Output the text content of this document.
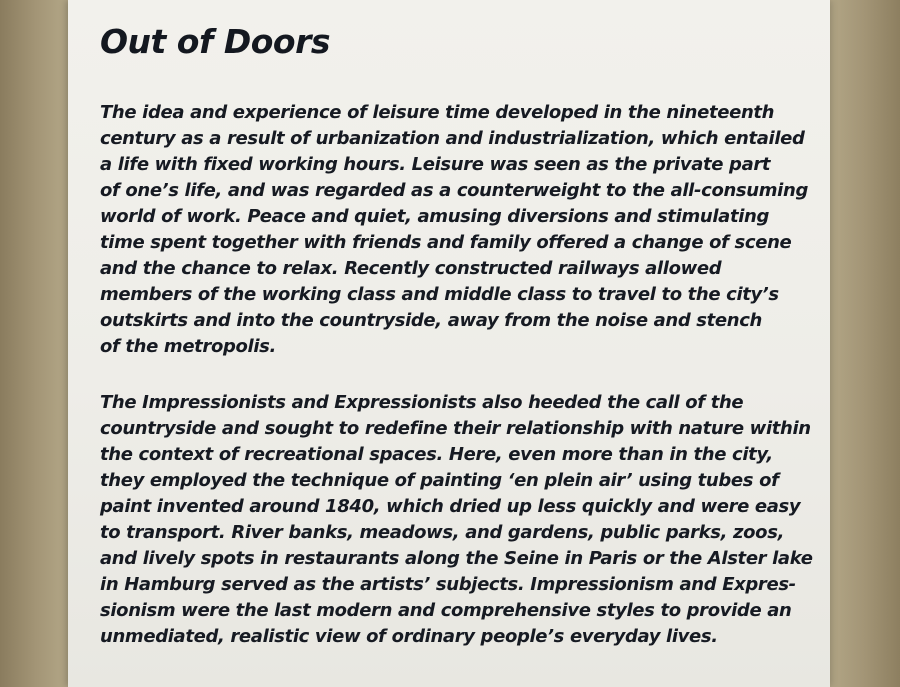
Out of Doors
The idea and experience of leisure time developed in the nineteenth
century as a result of urbanization and industrialization, which entailed
a life with fixed working hours. Leisure was seen as the private part
of one’s life, and was regarded as a counterweight to the all-consuming
world of work. Peace and quiet, amusing diversions and stimulating
time spent together with friends and family offered a change of scene
and the chance to relax. Recently constructed railways allowed
members of the working class and middle class to travel to the city’s
outskirts and into the countryside, away from the noise and stench
of the metropolis.
The Impressionists and Expressionists also heeded the call of the
countryside and sought to redefine their relationship with nature within
the context of recreational spaces. Here, even more than in the city,
they employed the technique of painting ‘en plein air’ using tubes of
paint invented around 1840, which dried up less quickly and were easy
to transport. River banks, meadows, and gardens, public parks, zoos,
and lively spots in restaurants along the Seine in Paris or the Alster lake
in Hamburg served as the artists’ subjects. Impressionism and Expres-
sionism were the last modern and comprehensive styles to provide an
unmediated, realistic view of ordinary people’s everyday lives.
